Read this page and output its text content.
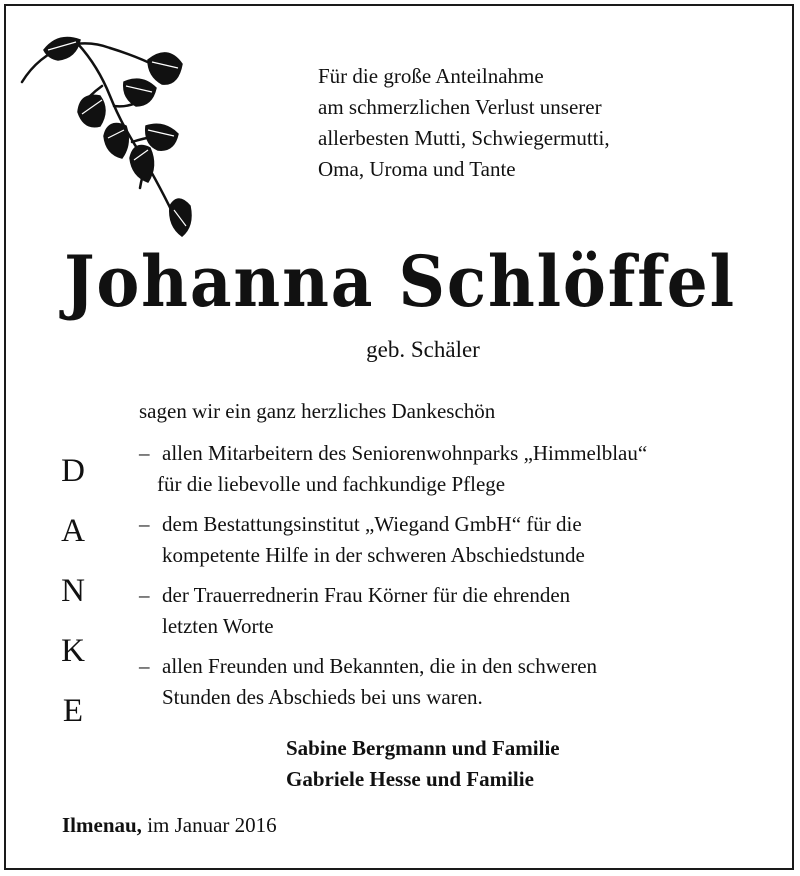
Für die große Anteilnahme
am schmerzlichen Verlust unserer
allerbesten Mutti, Schwiegermutti,
Oma, Uroma und Tante
Johanna Schlöffel
geb. Schäler
sagen wir ein ganz herzliches Dankeschön
D
A
N
K
E
– allen Mitarbeitern des Seniorenwohnparks „Himmelblau“
für die liebevolle und fachkundige Pflege
– dem Bestattungsinstitut „Wiegand GmbH“ für die
kompetente Hilfe in der schweren Abschiedstunde
– der Trauerrednerin Frau Körner für die ehrenden
letzten Worte
– allen Freunden und Bekannten, die in den schweren
Stunden des Abschieds bei uns waren.
Sabine Bergmann und Familie
Gabriele Hesse und Familie
Ilmenau, im Januar 2016
